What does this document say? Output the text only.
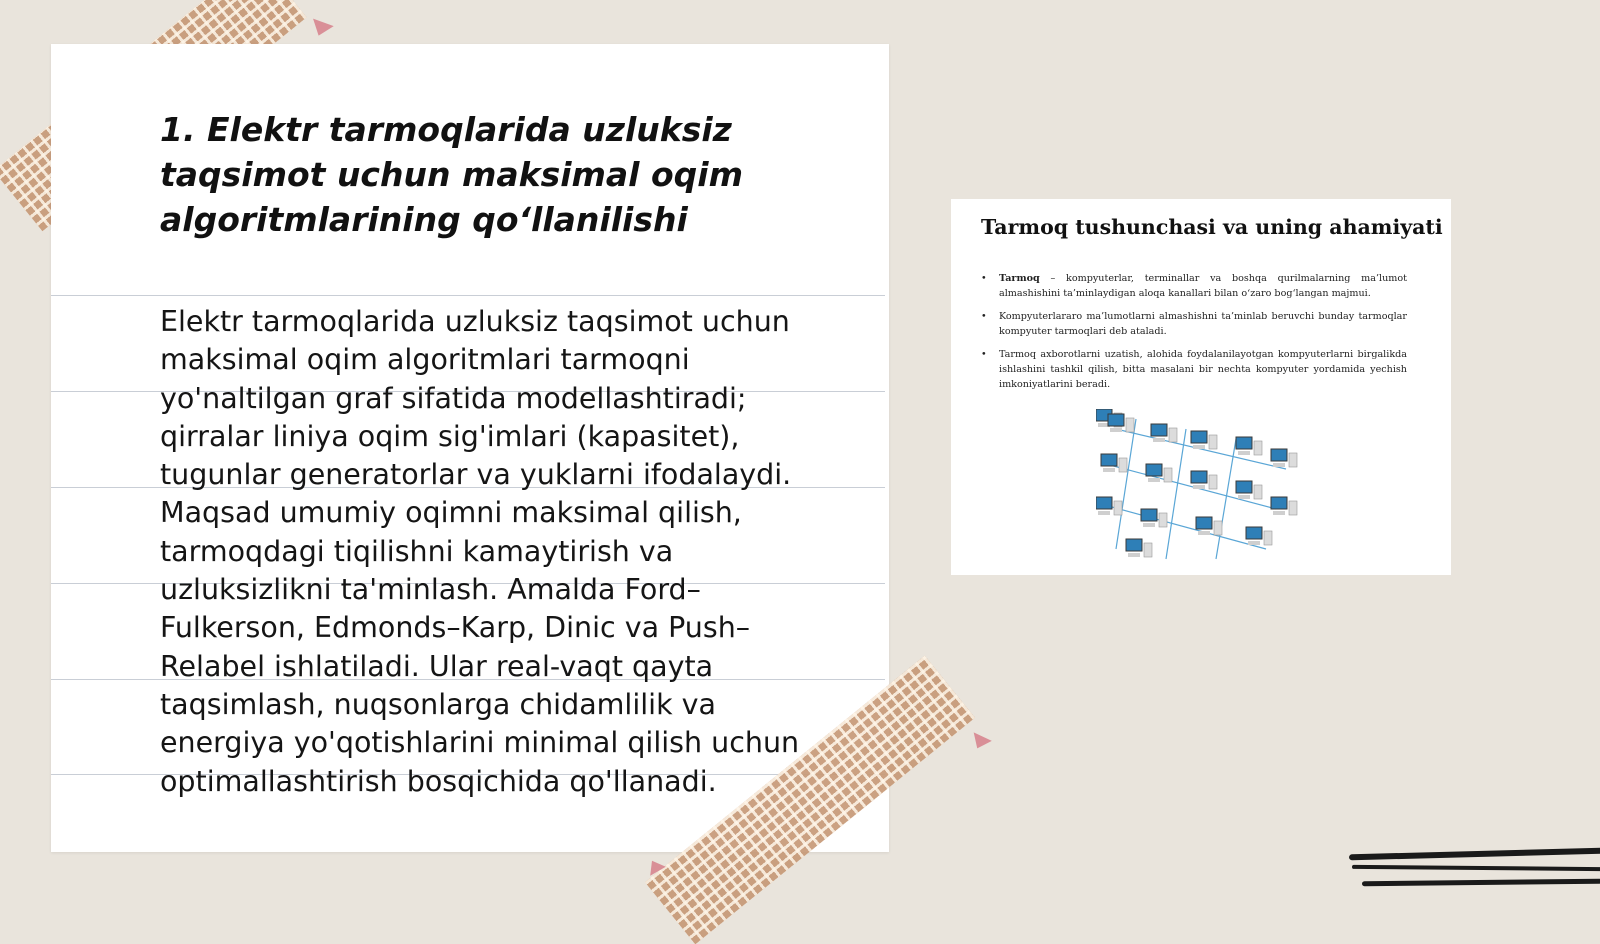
1. Elektr tarmoqlarida uzluksiz taqsimot uchun maksimal oqim algoritmlarining qo‘llanilishi

Elektr tarmoqlarida uzluksiz taqsimot uchun maksimal oqim algoritmlari tarmoqni yo'naltilgan graf sifatida modellashtiradi; qirralar liniya oqim sig'imlari (kapasitet), tugunlar generatorlar va yuklarni ifodalaydi. Maqsad umumiy oqimni maksimal qilish, tarmoqdagi tiqilishni kamaytirish va uzluksizlikni ta'minlash. Amalda Ford–Fulkerson, Edmonds–Karp, Dinic va Push–Relabel ishlatiladi. Ular real-vaqt qayta taqsimlash, nuqsonlarga chidamlilik va energiya yo'qotishlarini minimal qilish uchun optimallashtirish bosqichida qo'llanadi.

Tarmoq tushunchasi va uning ahamiyati
• Tarmoq – kompyuterlar, terminallar va boshqa qurilmalarning ma’lumot almashishini ta’minlaydigan aloqa kanallari bilan o‘zaro bog‘langan majmui.
• Kompyuterlararo ma’lumotlarni almashishni ta’minlab beruvchi bunday tarmoqlar kompyuter tarmoqlari deb ataladi.
• Tarmoq axborotlarni uzatish, alohida foydalanilayotgan kompyuterlarni birgalikda ishlashini tashkil qilish, bitta masalani bir nechta kompyuter yordamida yechish imkoniyatlarini beradi.
